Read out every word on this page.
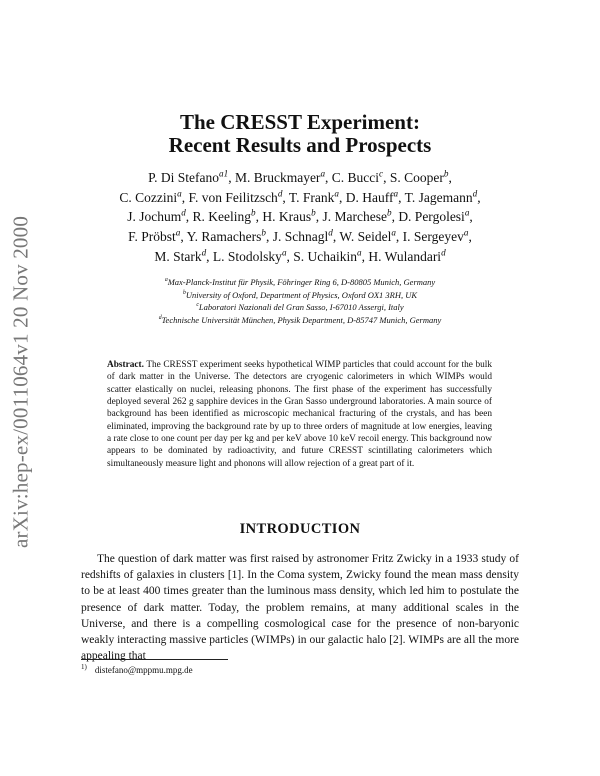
arXiv:hep-ex/0011064v1 20 Nov 2000
The CRESST Experiment:
Recent Results and Prospects
P. Di Stefano$^{a1}$, M. Bruckmayer$^a$, C. Bucci$^c$, S. Cooper$^b$,
C. Cozzini$^a$, F. von Feilitzsch$^d$, T. Frank$^a$, D. Hauff$^a$, T. Jagemann$^d$,
J. Jochum$^d$, R. Keeling$^b$, H. Kraus$^b$, J. Marchese$^b$, D. Pergolesi$^a$,
F. Pröbst$^a$, Y. Ramachers$^b$, J. Schnagl$^d$, W. Seidel$^a$, I. Sergeyev$^a$,
M. Stark$^d$, L. Stodolsky$^a$, S. Uchaikin$^a$, H. Wulandari$^d$
$^a$Max-Planck-Institut für Physik, Föhringer Ring 6, D-80805 Munich, Germany
$^b$University of Oxford, Department of Physics, Oxford OX1 3RH, UK
$^c$Laboratori Nazionali del Gran Sasso, I-67010 Assergi, Italy
$^d$Technische Universität München, Physik Department, D-85747 Munich, Germany
Abstract. The CRESST experiment seeks hypothetical WIMP particles that could account for the bulk of dark matter in the Universe. The detectors are cryogenic calorimeters in which WIMPs would scatter elastically on nuclei, releasing phonons. The first phase of the experiment has successfully deployed several 262 g sapphire devices in the Gran Sasso underground laboratories. A main source of background has been identified as microscopic mechanical fracturing of the crystals, and has been eliminated, improving the background rate by up to three orders of magnitude at low energies, leaving a rate close to one count per day per kg and per keV above 10 keV recoil energy. This background now appears to be dominated by radioactivity, and future CRESST scintillating calorimeters which simultaneously measure light and phonons will allow rejection of a great part of it.
INTRODUCTION

The question of dark matter was first raised by astronomer Fritz Zwicky in a 1933 study of redshifts of galaxies in clusters [1]. In the Coma system, Zwicky found the mean mass density to be at least 400 times greater than the luminous mass density, which led him to postulate the presence of dark matter. Today, the problem remains, at many additional scales in the Universe, and there is a compelling cosmological case for the presence of non-baryonic weakly interacting massive particles (WIMPs) in our galactic halo [2]. WIMPs are all the more appealing that

$^{1)}$ distefano@mppmu.mpg.de
